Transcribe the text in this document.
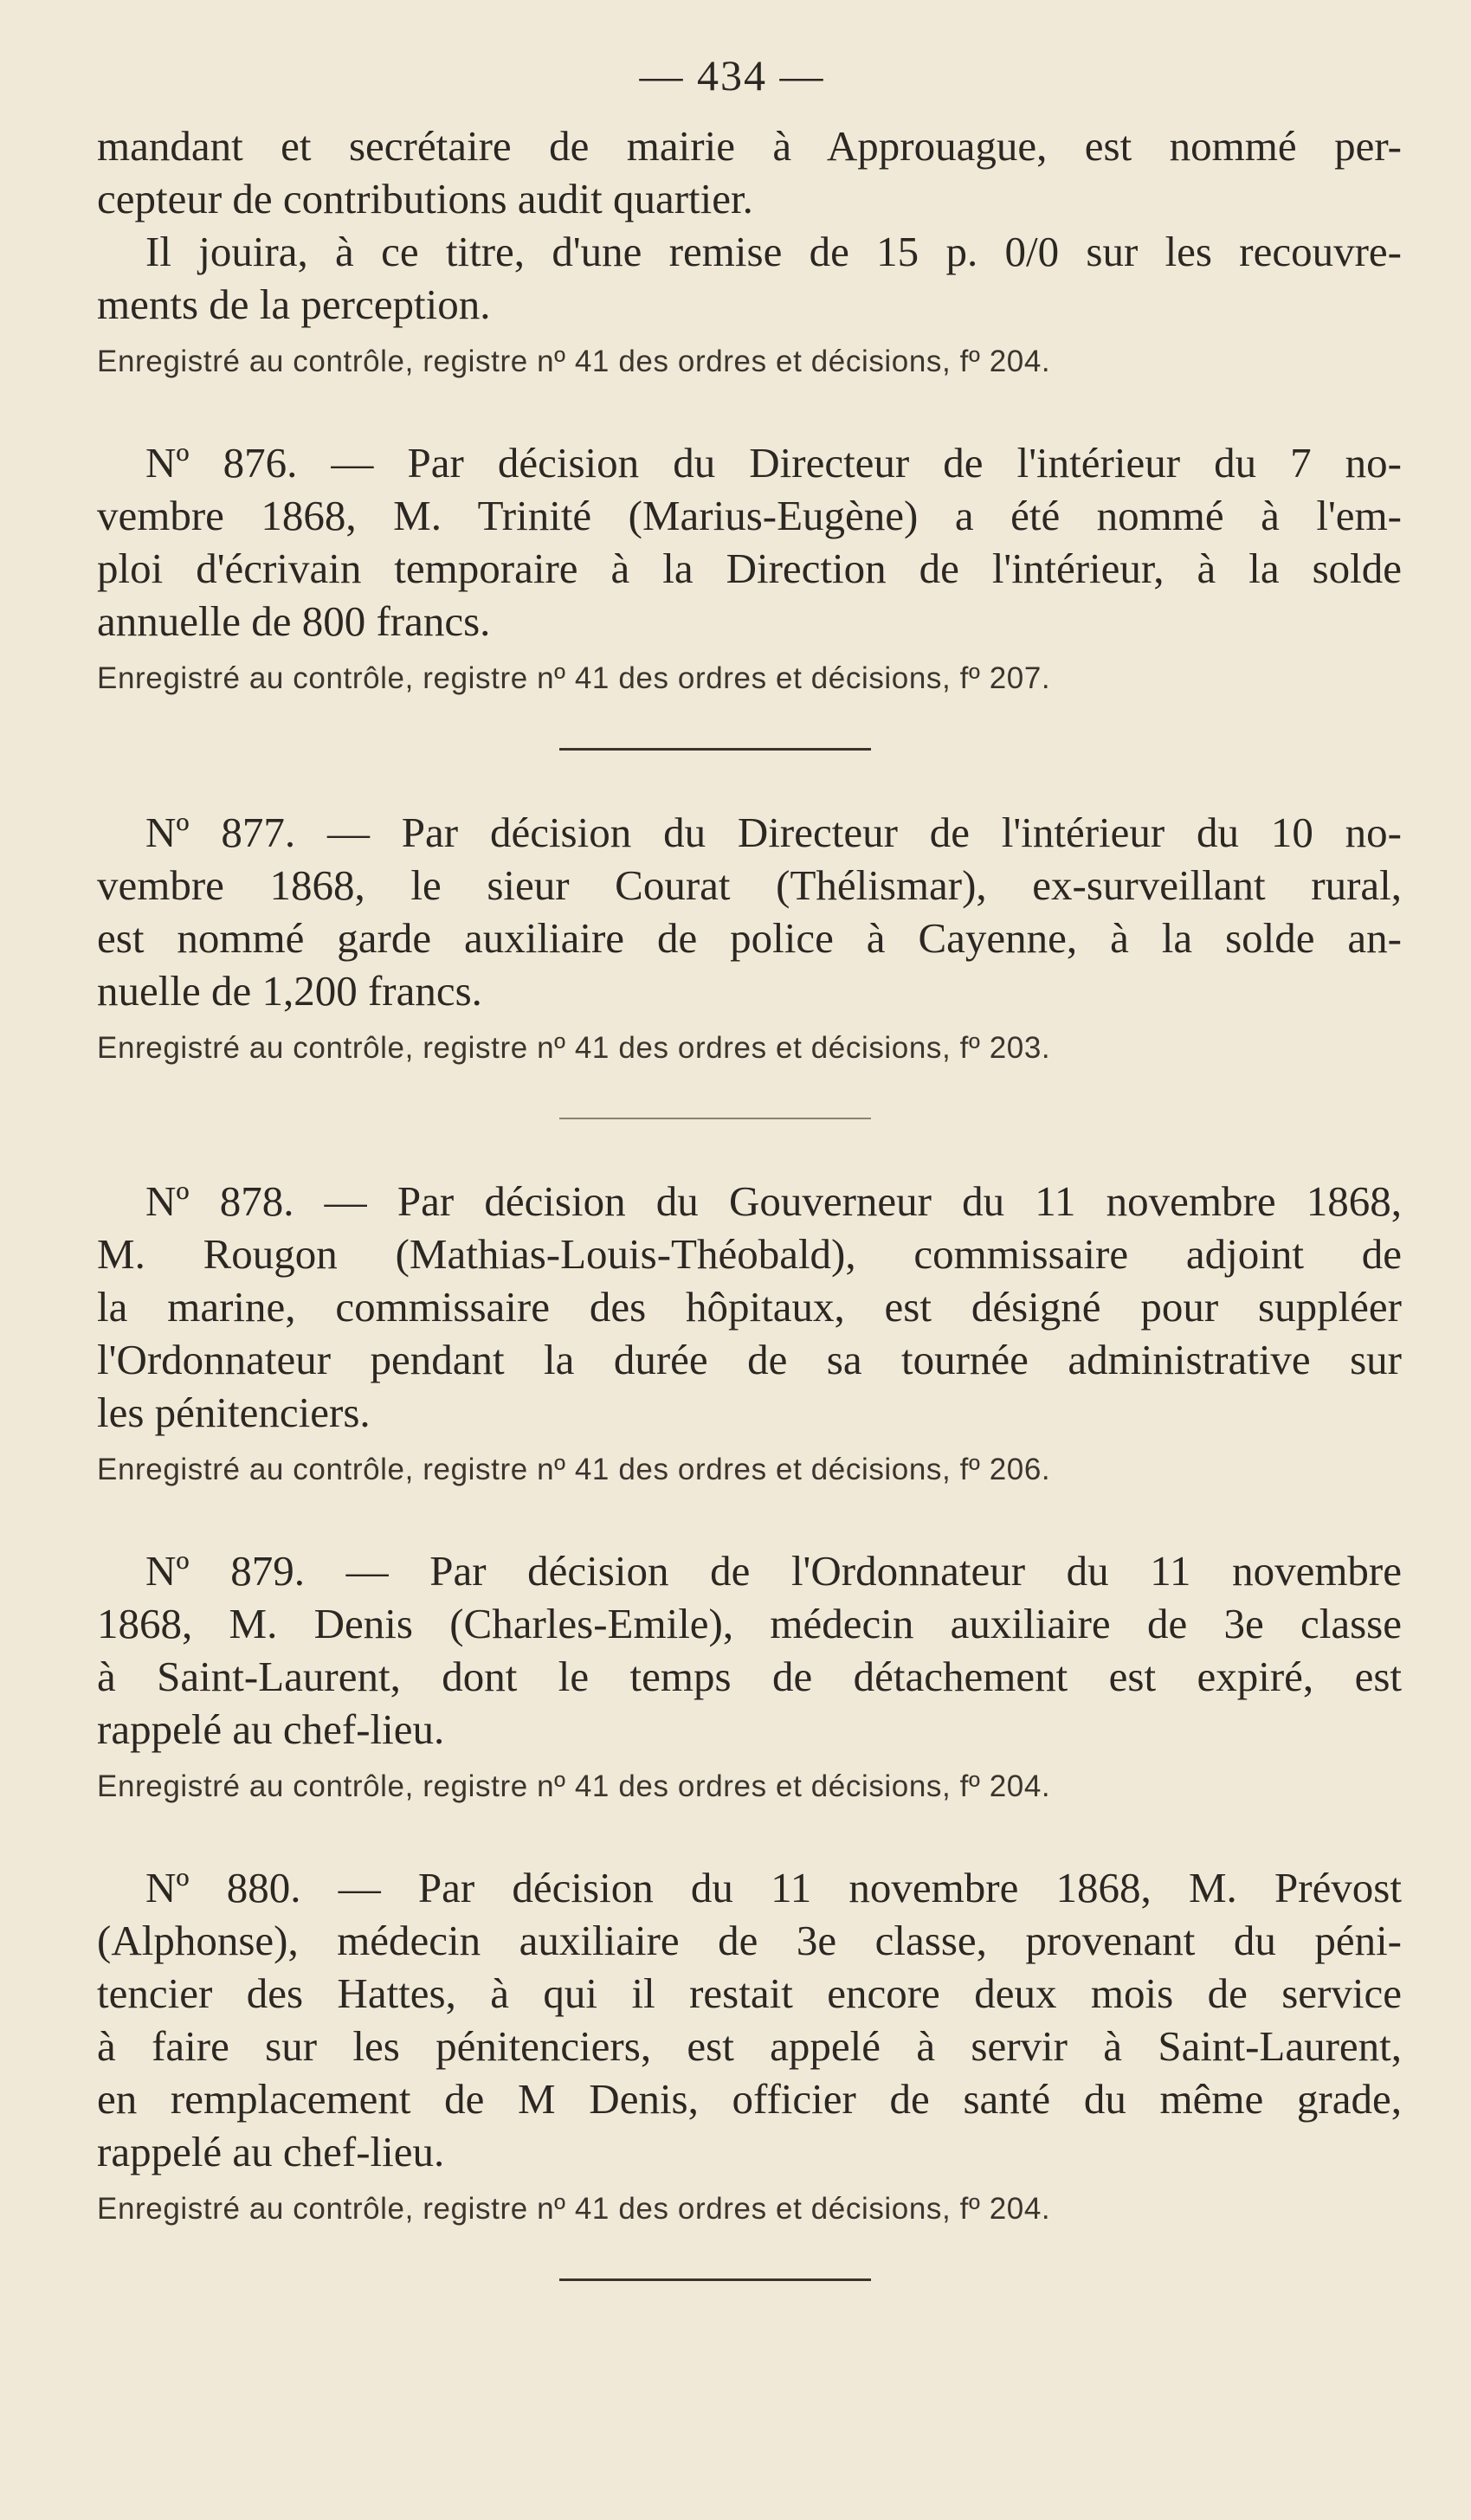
— 434 —

mandant et secrétaire de mairie à Approuague, est nommé per-
cepteur de contributions audit quartier.
Il jouira, à ce titre, d'une remise de 15 p. 0/0 sur les recouvre-
ments de la perception.

Enregistré au contrôle, registre nº 41 des ordres et décisions, fº 204.

Nº 876. — Par décision du Directeur de l'intérieur du 7 no-
vembre 1868, M. Trinité (Marius-Eugène) a été nommé à l'em-
ploi d'écrivain temporaire à la Direction de l'intérieur, à la solde
annuelle de 800 francs.

Enregistré au contrôle, registre nº 41 des ordres et décisions, fº 207.

Nº 877. — Par décision du Directeur de l'intérieur du 10 no-
vembre 1868, le sieur Courat (Thélismar), ex-surveillant rural,
est nommé garde auxiliaire de police à Cayenne, à la solde an-
nuelle de 1,200 francs.

Enregistré au contrôle, registre nº 41 des ordres et décisions, fº 203.

Nº 878. — Par décision du Gouverneur du 11 novembre 1868,
M. Rougon (Mathias-Louis-Théobald), commissaire adjoint de
la marine, commissaire des hôpitaux, est désigné pour suppléer
l'Ordonnateur pendant la durée de sa tournée administrative sur
les pénitenciers.

Enregistré au contrôle, registre nº 41 des ordres et décisions, fº 206.

Nº 879. — Par décision de l'Ordonnateur du 11 novembre
1868, M. Denis (Charles-Emile), médecin auxiliaire de 3e classe
à Saint-Laurent, dont le temps de détachement est expiré, est
rappelé au chef-lieu.

Enregistré au contrôle, registre nº 41 des ordres et décisions, fº 204.

Nº 880. — Par décision du 11 novembre 1868, M. Prévost
(Alphonse), médecin auxiliaire de 3e classe, provenant du péni-
tencier des Hattes, à qui il restait encore deux mois de service
à faire sur les pénitenciers, est appelé à servir à Saint-Laurent,
en remplacement de M Denis, officier de santé du même grade,
rappelé au chef-lieu.

Enregistré au contrôle, registre nº 41 des ordres et décisions, fº 204.
